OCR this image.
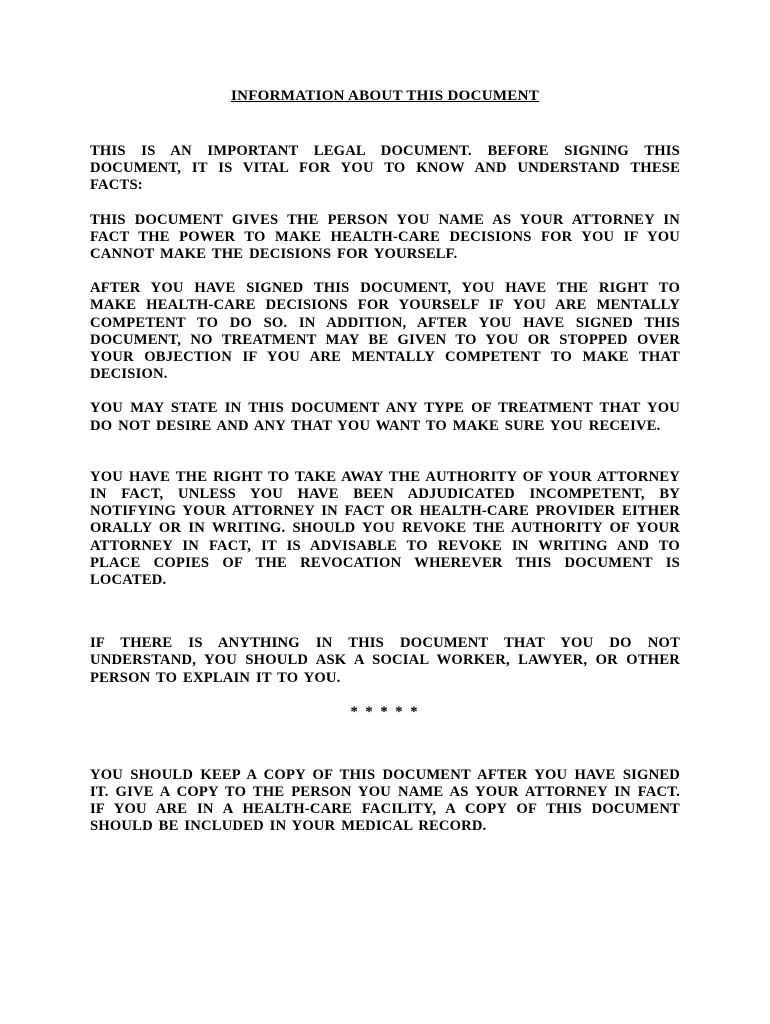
INFORMATION ABOUT THIS DOCUMENT

THIS IS AN IMPORTANT LEGAL DOCUMENT. BEFORE SIGNING THIS DOCUMENT, IT IS VITAL FOR YOU TO KNOW AND UNDERSTAND THESE FACTS:

THIS DOCUMENT GIVES THE PERSON YOU NAME AS YOUR ATTORNEY IN FACT THE POWER TO MAKE HEALTH-CARE DECISIONS FOR YOU IF YOU CANNOT MAKE THE DECISIONS FOR YOURSELF.

AFTER YOU HAVE SIGNED THIS DOCUMENT, YOU HAVE THE RIGHT TO MAKE HEALTH-CARE DECISIONS FOR YOURSELF IF YOU ARE MENTALLY COMPETENT TO DO SO. IN ADDITION, AFTER YOU HAVE SIGNED THIS DOCUMENT, NO TREATMENT MAY BE GIVEN TO YOU OR STOPPED OVER YOUR OBJECTION IF YOU ARE MENTALLY COMPETENT TO MAKE THAT DECISION.

YOU MAY STATE IN THIS DOCUMENT ANY TYPE OF TREATMENT THAT YOU DO NOT DESIRE AND ANY THAT YOU WANT TO MAKE SURE YOU RECEIVE.

YOU HAVE THE RIGHT TO TAKE AWAY THE AUTHORITY OF YOUR ATTORNEY IN FACT, UNLESS YOU HAVE BEEN ADJUDICATED INCOMPETENT, BY NOTIFYING YOUR ATTORNEY IN FACT OR HEALTH-CARE PROVIDER EITHER ORALLY OR IN WRITING. SHOULD YOU REVOKE THE AUTHORITY OF YOUR ATTORNEY IN FACT, IT IS ADVISABLE TO REVOKE IN WRITING AND TO PLACE COPIES OF THE REVOCATION WHEREVER THIS DOCUMENT IS LOCATED.

IF THERE IS ANYTHING IN THIS DOCUMENT THAT YOU DO NOT UNDERSTAND, YOU SHOULD ASK A SOCIAL WORKER, LAWYER, OR OTHER PERSON TO EXPLAIN IT TO YOU.

* * * * *

YOU SHOULD KEEP A COPY OF THIS DOCUMENT AFTER YOU HAVE SIGNED IT. GIVE A COPY TO THE PERSON YOU NAME AS YOUR ATTORNEY IN FACT. IF YOU ARE IN A HEALTH-CARE FACILITY, A COPY OF THIS DOCUMENT SHOULD BE INCLUDED IN YOUR MEDICAL RECORD.
